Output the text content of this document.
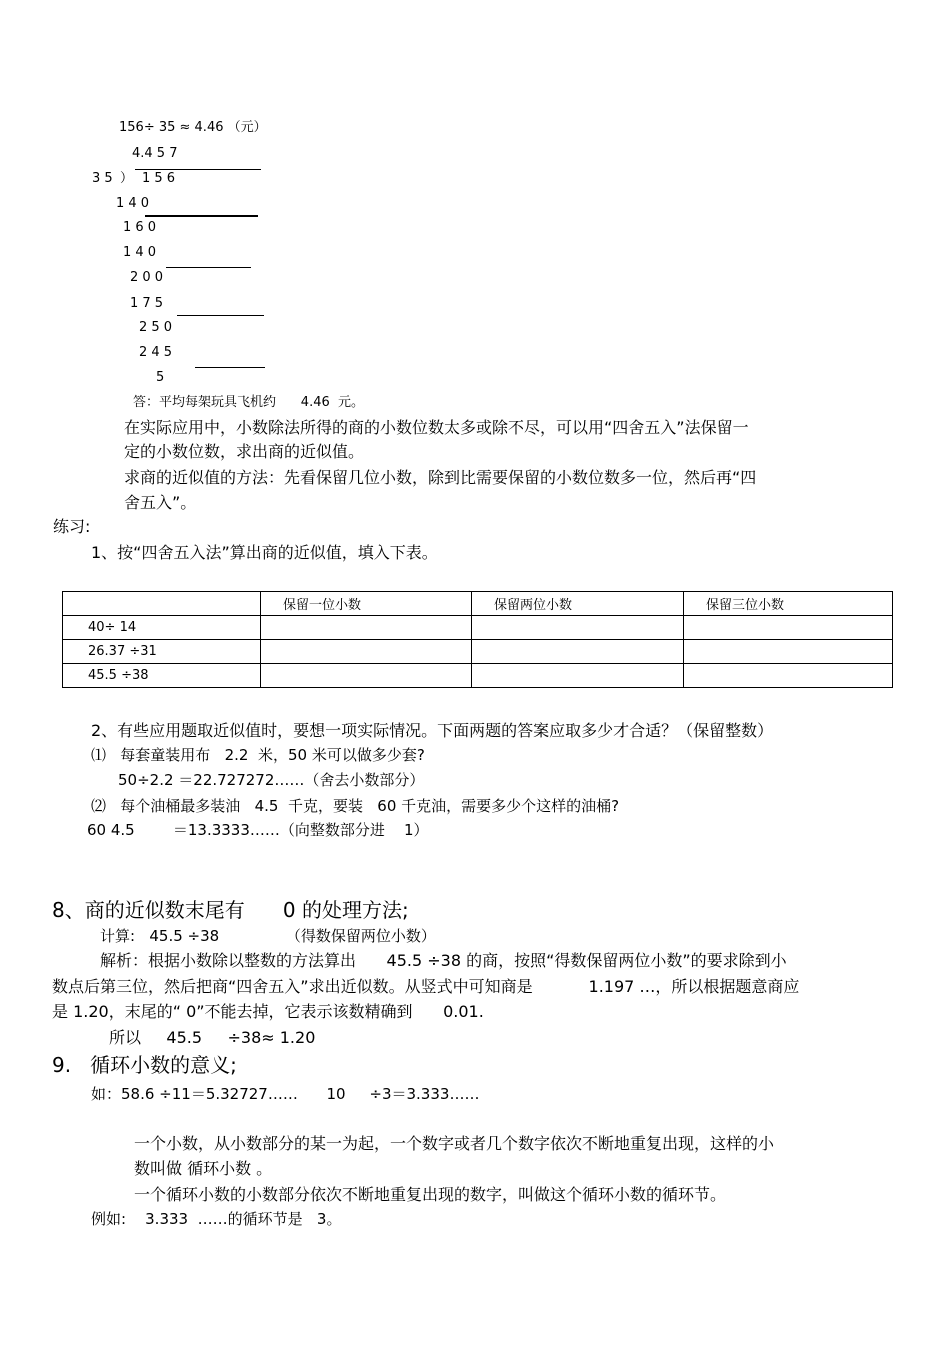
156÷ 35 ≈ 4.46 （元）
4.4 5 7
3 5 ） 1 5 6
1 4 0
1 6 0
1 4 0
2 0 0
1 7 5
2 5 0
2 4 5
5
答：平均每架玩具飞机约      4.46  元。
在实际应用中，小数除法所得的商的小数位数太多或除不尽，可以用“四舍五入”法保留一
定的小数位数，求出商的近似值。
求商的近似值的方法：先看保留几位小数，除到比需要保留的小数位数多一位，然后再“四
舍五入”。
练习:
1、按“四舍五入法”算出商的近似值，填入下表。
	保留一位小数	保留两位小数	保留三位小数
40÷ 14			
26.37 ÷31			
45.5 ÷38			
2、有些应用题取近似值时，要想一项实际情况。下面两题的答案应取多少才合适？（保留整数）
⑴   每套童装用布   2.2  米，50 米可以做多少套?
50÷2.2 ＝22.727272……（舍去小数部分）
⑵   每个油桶最多装油   4.5  千克，要装   60 千克油，需要多少个这样的油桶?
60 4.5        ＝13.3333……（向整数部分进    1）
8、商的近似数末尾有      0 的处理方法;
计算:   45.5 ÷38              （得数保留两位小数）
解析：根据小数除以整数的方法算出      45.5 ÷38 的商，按照“得数保留两位小数”的要求除到小
数点后第三位，然后把商“四舍五入”求出近似数。从竖式中可知商是           1.197 …，所以根据题意商应
是 1.20，末尾的“ 0”不能去掉，它表示该数精确到      0.01.
所以     45.5     ÷38≈ 1.20
9.   循环小数的意义;
如：58.6 ÷11＝5.32727……      10     ÷3＝3.333……
一个小数，从小数部分的某一为起，一个数字或者几个数字依次不断地重复出现，这样的小
数叫做 循环小数 。
一个循环小数的小数部分依次不断地重复出现的数字，叫做这个循环小数的循环节。
例如:    3.333  ……的循环节是   3。
